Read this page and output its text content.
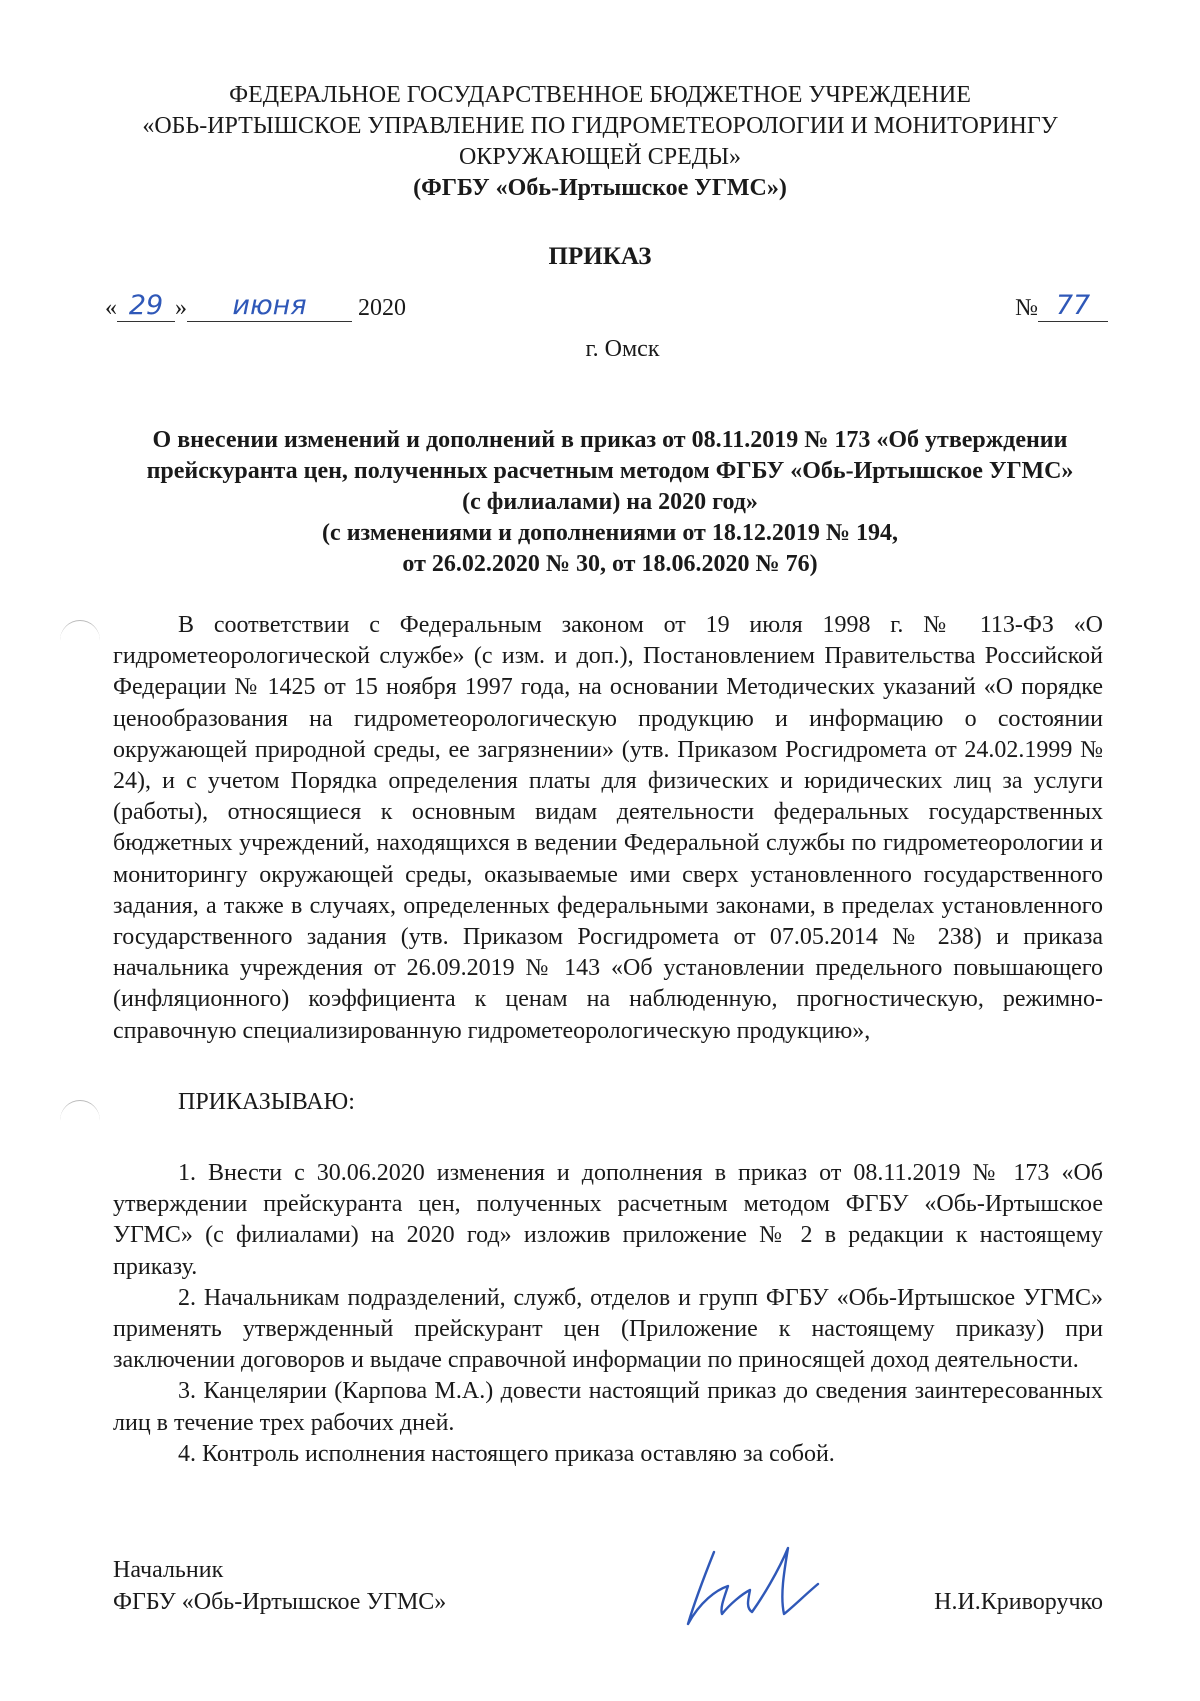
ФЕДЕРАЛЬНОЕ ГОСУДАРСТВЕННОЕ БЮДЖЕТНОЕ УЧРЕЖДЕНИЕ
«ОБЬ-ИРТЫШСКОЕ УПРАВЛЕНИЕ ПО ГИДРОМЕТЕОРОЛОГИИ И МОНИТОРИНГУ
ОКРУЖАЮЩЕЙ СРЕДЫ»
(ФГБУ «Обь-Иртышское УГМС»)
ПРИКАЗ
« 29 » июня 2020	№ 77
г. Омск
О внесении изменений и дополнений в приказ от 08.11.2019 № 173 «Об утверждении
прейскуранта цен, полученных расчетным методом ФГБУ «Обь-Иртышское УГМС»
(с филиалами) на 2020 год»
(с изменениями и дополнениями от 18.12.2019 № 194,
от 26.02.2020 № 30, от 18.06.2020 № 76)

В соответствии с Федеральным законом от 19 июля 1998 г. № 113-ФЗ «О гидрометеорологической службе» (с изм. и доп.), Постановлением Правительства Российской Федерации № 1425 от 15 ноября 1997 года, на основании Методических указаний «О порядке ценообразования на гидрометеорологическую продукцию и информацию о состоянии окружающей природной среды, ее загрязнении» (утв. Приказом Росгидромета от 24.02.1999 № 24), и с учетом Порядка определения платы для физических и юридических лиц за услуги (работы), относящиеся к основным видам деятельности федеральных государственных бюджетных учреждений, находящихся в ведении Федеральной службы по гидрометеорологии и мониторингу окружающей среды, оказываемые ими сверх установленного государственного задания, а также в случаях, определенных федеральными законами, в пределах установленного государственного задания (утв. Приказом Росгидромета от 07.05.2014 № 238) и приказа начальника учреждения от 26.09.2019 № 143 «Об установлении предельного повышающего (инфляционного) коэффициента к ценам на наблюденную, прогностическую, режимно-справочную специализированную гидрометеорологическую продукцию»,

ПРИКАЗЫВАЮ:

1. Внести с 30.06.2020 изменения и дополнения в приказ от 08.11.2019 № 173 «Об утверждении прейскуранта цен, полученных расчетным методом ФГБУ «Обь-Иртышское УГМС» (с филиалами) на 2020 год» изложив приложение № 2 в редакции к настоящему приказу.

2. Начальникам подразделений, служб, отделов и групп ФГБУ «Обь-Иртышское УГМС» применять утвержденный прейскурант цен (Приложение к настоящему приказу) при заключении договоров и выдаче справочной информации по приносящей доход деятельности.

3. Канцелярии (Карпова М.А.) довести настоящий приказ до сведения заинтересованных лиц в течение трех рабочих дней.

4. Контроль исполнения настоящего приказа оставляю за собой.

Начальник
ФГБУ «Обь-Иртышское УГМС»	Н.И.Криворучко
